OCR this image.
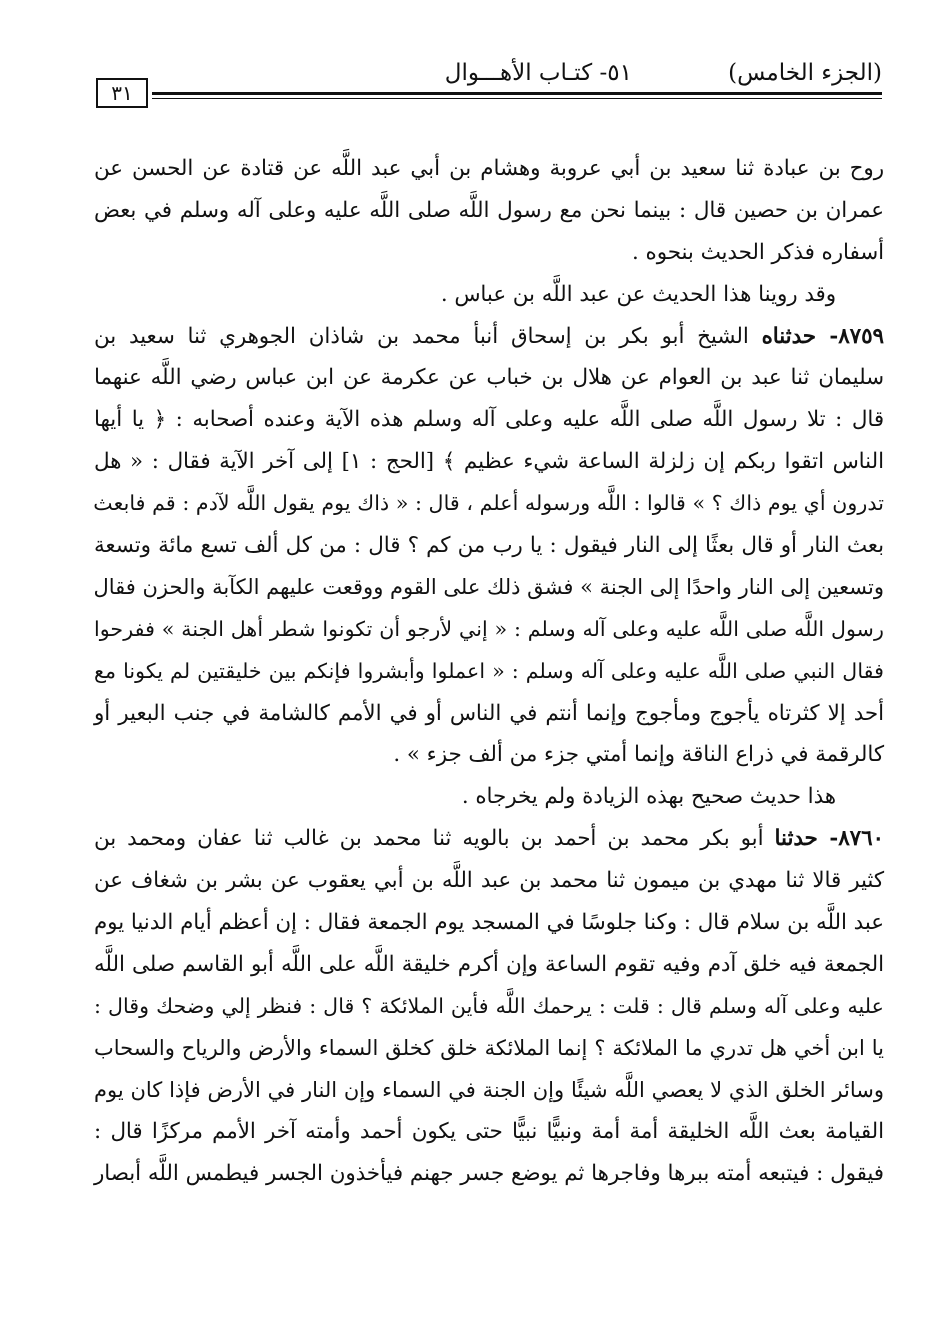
(الجزء الخامس)
٥١- كتـاب الأهـــوال
٣١
روح بن عبادة ثنا سعيد بن أبي عروبة وهشام بن أبي عبد اللَّه عن قتادة عن الحسن عن
عمران بن حصين قال : بينما نحن مع رسول اللَّه صلى اللَّه عليه وعلى آله وسلم في بعض
أسفاره فذكر الحديث بنحوه .
وقد روينا هذا الحديث عن عبد اللَّه بن عباس .
٨٧٥٩- حدثناه الشيخ أبو بكر بن إسحاق أنبأ محمد بن شاذان الجوهري ثنا سعيد بن
سليمان ثنا عبد بن العوام عن هلال بن خباب عن عكرمة عن ابن عباس رضي اللَّه عنهما
قال : تلا رسول اللَّه صلى اللَّه عليه وعلى آله وسلم هذه الآية وعنده أصحابه : ﴿ يا أيها
الناس اتقوا ربكم إن زلزلة الساعة شيء عظيم ﴾ [الحج : ١] إلى آخر الآية فقال : « هل
تدرون أي يوم ذاك ؟ » قالوا : اللَّه ورسوله أعلم ، قال : « ذاك يوم يقول اللَّه لآدم : قم فابعث
بعث النار أو قال بعثًا إلى النار فيقول : يا رب من كم ؟ قال : من كل ألف تسع مائة وتسعة
وتسعين إلى النار واحدًا إلى الجنة » فشق ذلك على القوم ووقعت عليهم الكآبة والحزن فقال
رسول اللَّه صلى اللَّه عليه وعلى آله وسلم : « إني لأرجو أن تكونوا شطر أهل الجنة » ففرحوا
فقال النبي صلى اللَّه عليه وعلى آله وسلم : « اعملوا وأبشروا فإنكم بين خليقتين لم يكونا مع
أحد إلا كثرتاه يأجوج ومأجوج وإنما أنتم في الناس أو في الأمم كالشامة في جنب البعير أو
كالرقمة في ذراع الناقة وإنما أمتي جزء من ألف جزء » .
هذا حديث صحيح بهذه الزيادة ولم يخرجاه .
٨٧٦٠- حدثنا أبو بكر محمد بن أحمد بن بالويه ثنا محمد بن غالب ثنا عفان ومحمد بن
كثير قالا ثنا مهدي بن ميمون ثنا محمد بن عبد اللَّه بن أبي يعقوب عن بشر بن شغاف عن
عبد اللَّه بن سلام قال : وكنا جلوسًا في المسجد يوم الجمعة فقال : إن أعظم أيام الدنيا يوم
الجمعة فيه خلق آدم وفيه تقوم الساعة وإن أكرم خليقة اللَّه على اللَّه أبو القاسم صلى اللَّه
عليه وعلى آله وسلم قال : قلت : يرحمك اللَّه فأين الملائكة ؟ قال : فنظر إلي وضحك وقال :
يا ابن أخي هل تدري ما الملائكة ؟ إنما الملائكة خلق كخلق السماء والأرض والرياح والسحاب
وسائر الخلق الذي لا يعصي اللَّه شيئًا وإن الجنة في السماء وإن النار في الأرض فإذا كان يوم
القيامة بعث اللَّه الخليقة أمة أمة ونبيًّا نبيًّا حتى يكون أحمد وأمته آخر الأمم مركزًا قال :
فيقول : فيتبعه أمته ببرها وفاجرها ثم يوضع جسر جهنم فيأخذون الجسر فيطمس اللَّه أبصار
